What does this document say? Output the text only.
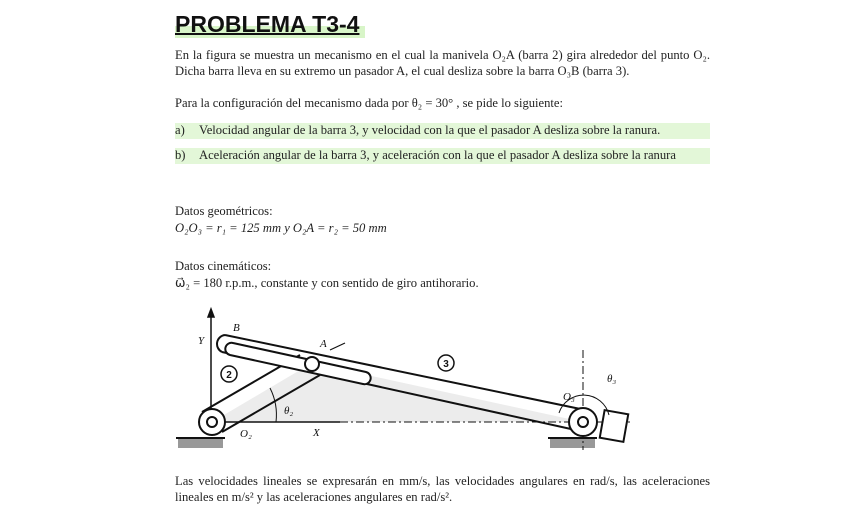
PROBLEMA T3-4
En la figura se muestra un mecanismo en el cual la manivela O₂A (barra 2) gira alrededor del punto O₂. Dicha barra lleva en su extremo un pasador A, el cual desliza sobre la barra O₃B (barra 3).
Para la configuración del mecanismo dada por θ₂ = 30° , se pide lo siguiente:
a)	Velocidad angular de la barra 3, y velocidad con la que el pasador A desliza sobre la ranura.
b)	Aceleración angular de la barra 3, y aceleración con la que el pasador A desliza sobre la ranura
Datos geométricos:
O₂O₃ = r₁ = 125 mm y O₂A = r₂ = 50 mm
Datos cinemáticos:
ω⃗₂ = 180 r.p.m., constante y con sentido de giro antihorario.
B
A
Y
X
O₂
O₃
θ₂
θ₃
2
3
Las velocidades lineales se expresarán en mm/s, las velocidades angulares en rad/s, las aceleraciones lineales en m/s² y las aceleraciones angulares en rad/s².
